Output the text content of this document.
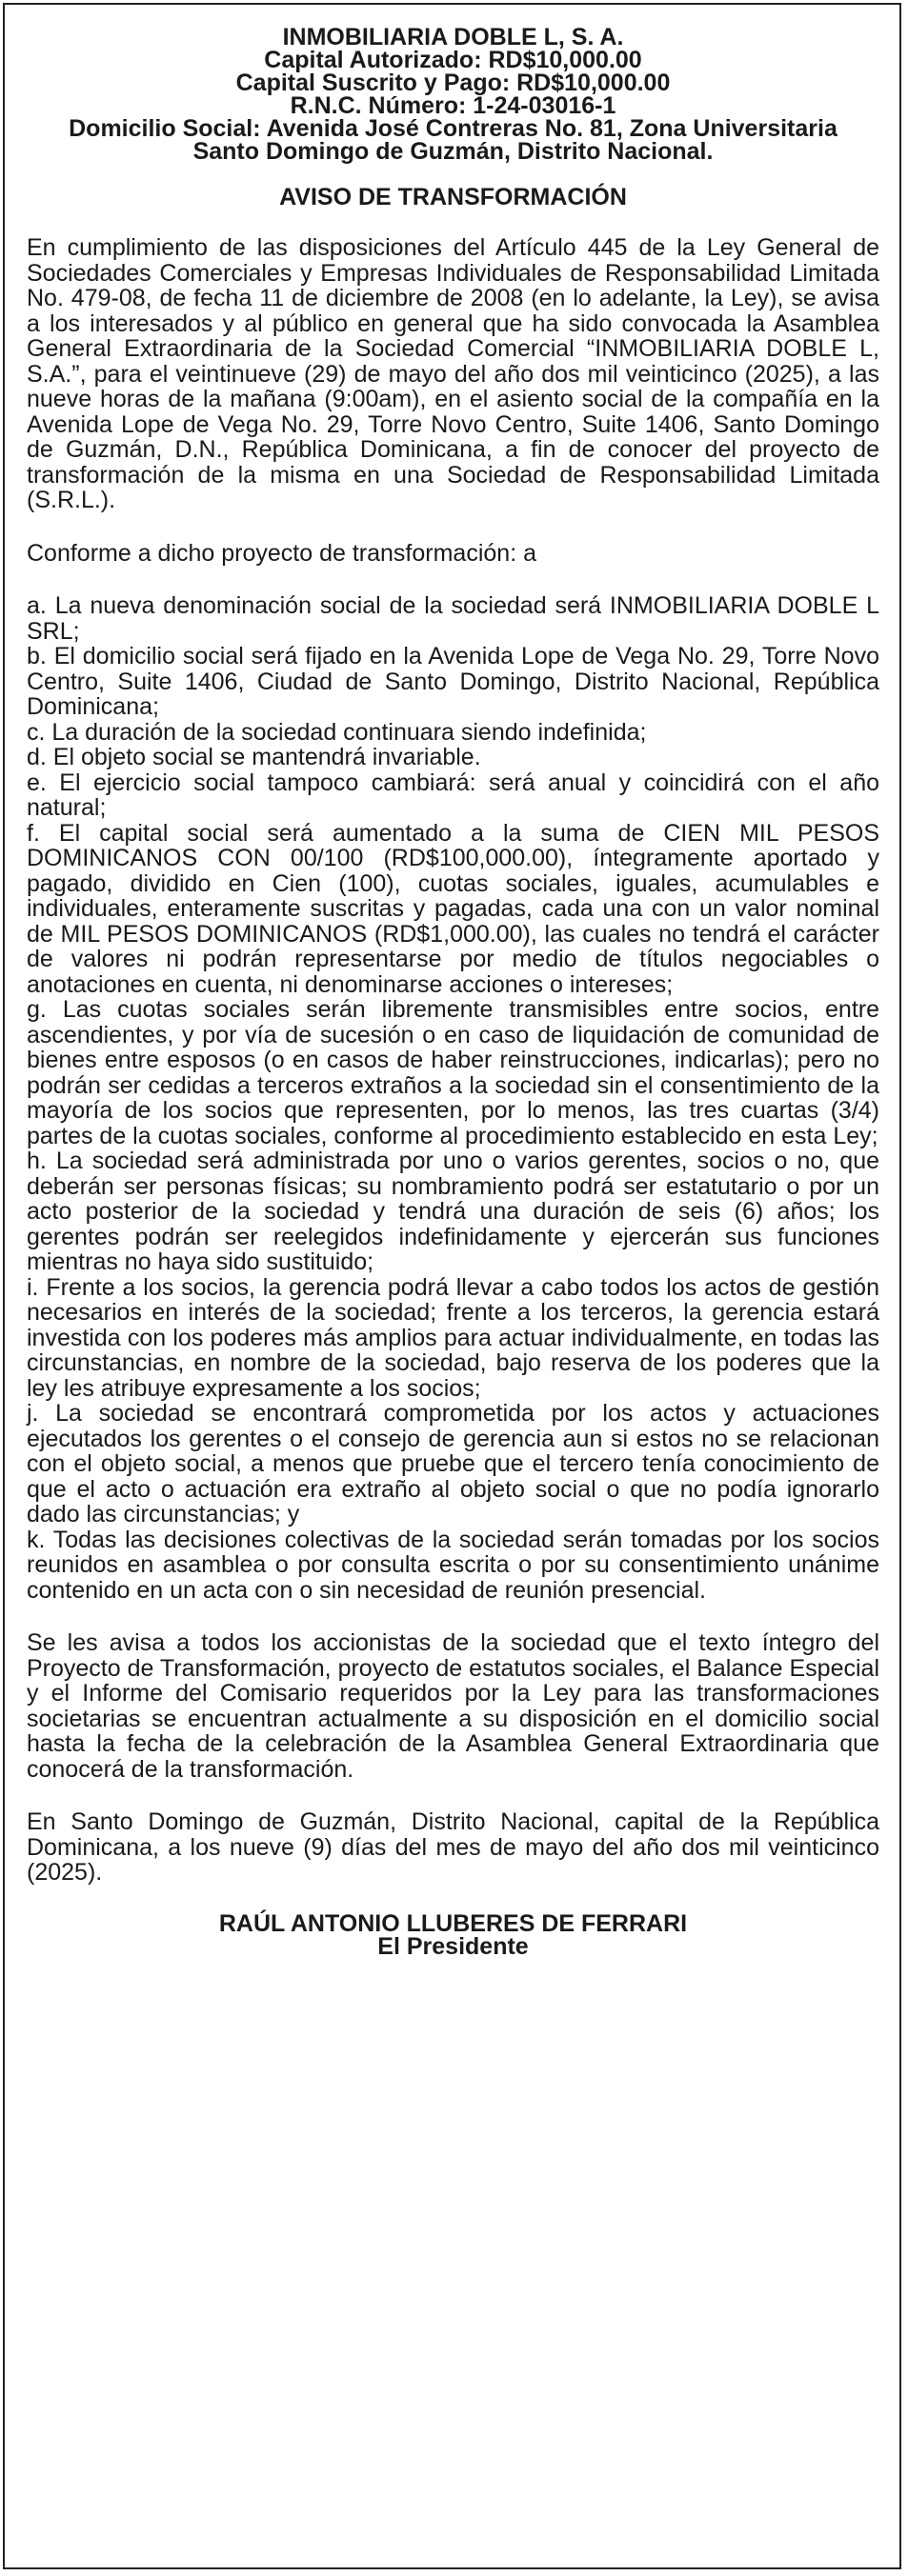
INMOBILIARIA DOBLE L, S. A.
Capital Autorizado: RD$10,000.00
Capital Suscrito y Pago: RD$10,000.00
R.N.C. Número: 1-24-03016-1
Domicilio Social: Avenida José Contreras No. 81, Zona Universitaria
Santo Domingo de Guzmán, Distrito Nacional.
AVISO DE TRANSFORMACIÓN

En cumplimiento de las disposiciones del Artículo 445 de la Ley General de Sociedades Comerciales y Empresas Individuales de Responsabilidad Limitada No. 479-08, de fecha 11 de diciembre de 2008 (en lo adelante, la Ley), se avisa a los interesados y al público en general que ha sido convocada la Asamblea General Extraordinaria de la Sociedad Comercial “INMOBILIARIA DOBLE L, S.A.”, para el veintinueve (29) de mayo del año dos mil veinticinco (2025), a las nueve horas de la mañana (9:00am), en el asiento social de la compañía en la Avenida Lope de Vega No. 29, Torre Novo Centro, Suite 1406, Santo Domingo de Guzmán, D.N., República Dominicana, a fin de conocer del proyecto de transformación de la misma en una Sociedad de Responsabilidad Limitada (S.R.L.).

Conforme a dicho proyecto de transformación: a

a. La nueva denominación social de la sociedad será INMOBILIARIA DOBLE L SRL;

b. El domicilio social será fijado en la Avenida Lope de Vega No. 29, Torre Novo Centro, Suite 1406, Ciudad de Santo Domingo, Distrito Nacional, República Dominicana;

c. La duración de la sociedad continuara siendo indefinida;

d. El objeto social se mantendrá invariable.

e. El ejercicio social tampoco cambiará: será anual y coincidirá con el año natural;

f. El capital social será aumentado a la suma de CIEN MIL PESOS DOMINICANOS CON 00/100 (RD$100,000.00), íntegramente aportado y pagado, dividido en Cien (100), cuotas sociales, iguales, acumulables e individuales, enteramente suscritas y pagadas, cada una con un valor nominal de MIL PESOS DOMINICANOS (RD$1,000.00), las cuales no tendrá el carácter de valores ni podrán representarse por medio de títulos negociables o anotaciones en cuenta, ni denominarse acciones o intereses;

g. Las cuotas sociales serán libremente transmisibles entre socios, entre ascendientes, y por vía de sucesión o en caso de liquidación de comunidad de bienes entre esposos (o en casos de haber reinstrucciones, indicarlas); pero no podrán ser cedidas a terceros extraños a la sociedad sin el consentimiento de la mayoría de los socios que representen, por lo menos, las tres cuartas (3/4) partes de la cuotas sociales, conforme al procedimiento establecido en esta Ley;

h. La sociedad será administrada por uno o varios gerentes, socios o no, que deberán ser personas físicas; su nombramiento podrá ser estatutario o por un acto posterior de la sociedad y tendrá una duración de seis (6) años; los gerentes podrán ser reelegidos indefinidamente y ejercerán sus funciones mientras no haya sido sustituido;

i. Frente a los socios, la gerencia podrá llevar a cabo todos los actos de gestión necesarios en interés de la sociedad; frente a los terceros, la gerencia estará investida con los poderes más amplios para actuar individualmente, en todas las circunstancias, en nombre de la sociedad, bajo reserva de los poderes que la ley les atribuye expresamente a los socios;

j. La sociedad se encontrará comprometida por los actos y actuaciones ejecutados los gerentes o el consejo de gerencia aun si estos no se relacionan con el objeto social, a menos que pruebe que el tercero tenía conocimiento de que el acto o actuación era extraño al objeto social o que no podía ignorarlo dado las circunstancias; y

k. Todas las decisiones colectivas de la sociedad serán tomadas por los socios reunidos en asamblea o por consulta escrita o por su consentimiento unánime contenido en un acta con o sin necesidad de reunión presencial.

Se les avisa a todos los accionistas de la sociedad que el texto íntegro del Proyecto de Transformación, proyecto de estatutos sociales, el Balance Especial y el Informe del Comisario requeridos por la Ley para las transformaciones societarias se encuentran actualmente a su disposición en el domicilio social hasta la fecha de la celebración de la Asamblea General Extraordinaria que conocerá de la transformación.

En Santo Domingo de Guzmán, Distrito Nacional, capital de la República Dominicana, a los nueve (9) días del mes de mayo del año dos mil veinticinco (2025).

RAÚL ANTONIO LLUBERES DE FERRARI
El Presidente
